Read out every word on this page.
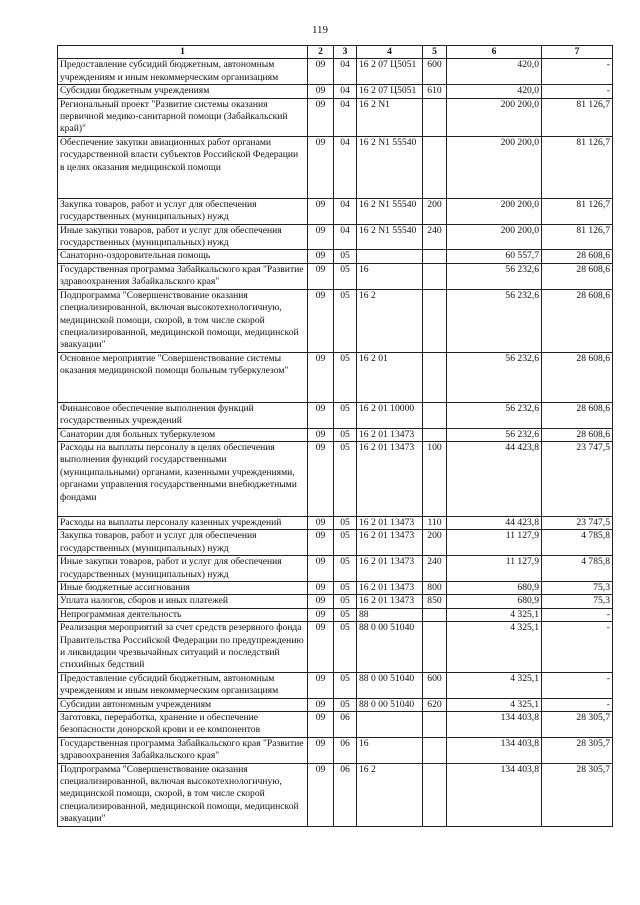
119
1	2	3	4	5	6	7
Предоставление субсидий бюджетным, автономным учреждениям и иным некоммерческим организациям	09	04	16 2 07 Ц5051	600	420,0	-
Субсидии бюджетным учреждениям	09	04	16 2 07 Ц5051	610	420,0	-
Региональный проект "Развитие системы оказания первичной медико-санитарной помощи (Забайкальский край)"	09	04	16 2 N1		200 200,0	81 126,7
Обеспечение закупки авиационных работ органами государственной власти субъектов Российской Федерации в целях оказания медицинской помощи	09	04	16 2 N1 55540		200 200,0	81 126,7
Закупка товаров, работ и услуг для обеспечения государственных (муниципальных) нужд	09	04	16 2 N1 55540	200	200 200,0	81 126,7
Иные закупки товаров, работ и услуг для обеспечения государственных (муниципальных) нужд	09	04	16 2 N1 55540	240	200 200,0	81 126,7
Санаторно-оздоровительная помощь	09	05			60 557,7	28 608,6
Государственная программа Забайкальского края "Развитие здравоохранения Забайкальского края"	09	05	16		56 232,6	28 608,6
Подпрограмма "Совершенствование оказания специализированной, включая высокотехнологичную, медицинской помощи, скорой, в том числе скорой специализированной, медицинской помощи, медицинской эвакуации"	09	05	16 2		56 232,6	28 608,6
Основное мероприятие "Совершенствование системы оказания медицинской помощи больным туберкулезом"	09	05	16 2 01		56 232,6	28 608,6
Финансовое обеспечение выполнения функций государственных учреждений	09	05	16 2 01 10000		56 232,6	28 608,6
Санатории для больных туберкулезом	09	05	16 2 01 13473		56 232,6	28 608,6
Расходы на выплаты персоналу в целях обеспечения выполнения функций государственными (муниципальными) органами, казенными учреждениями, органами управления государственными внебюджетными фондами	09	05	16 2 01 13473	100	44 423,8	23 747,5
Расходы на выплаты персоналу казенных учреждений	09	05	16 2 01 13473	110	44 423,8	23 747,5
Закупка товаров, работ и услуг для обеспечения государственных (муниципальных) нужд	09	05	16 2 01 13473	200	11 127,9	4 785,8
Иные закупки товаров, работ и услуг для обеспечения государственных (муниципальных) нужд	09	05	16 2 01 13473	240	11 127,9	4 785,8
Иные бюджетные ассигнования	09	05	16 2 01 13473	800	680,9	75,3
Уплата налогов, сборов и иных платежей	09	05	16 2 01 13473	850	680,9	75,3
Непрограммная деятельность	09	05	88		4 325,1	-
Реализация мероприятий за счет средств резервного фонда Правительства Российской Федерации по предупреждению и ликвидации чрезвычайных ситуаций и последствий стихийных бедствий	09	05	88 0 00 51040		4 325,1	-
Предоставление субсидий бюджетным, автономным учреждениям и иным некоммерческим организациям	09	05	88 0 00 51040	600	4 325,1	-
Субсидии автономным учреждениям	09	05	88 0 00 51040	620	4 325,1	-
Заготовка, переработка, хранение и обеспечение безопасности донорской крови и ее компонентов	09	06			134 403,8	28 305,7
Государственная программа Забайкальского края "Развитие здравоохранения Забайкальского края"	09	06	16		134 403,8	28 305,7
Подпрограмма "Совершенствование оказания специализированной, включая высокотехнологичную, медицинской помощи, скорой, в том числе скорой специализированной, медицинской помощи, медицинской эвакуации"	09	06	16 2		134 403,8	28 305,7
